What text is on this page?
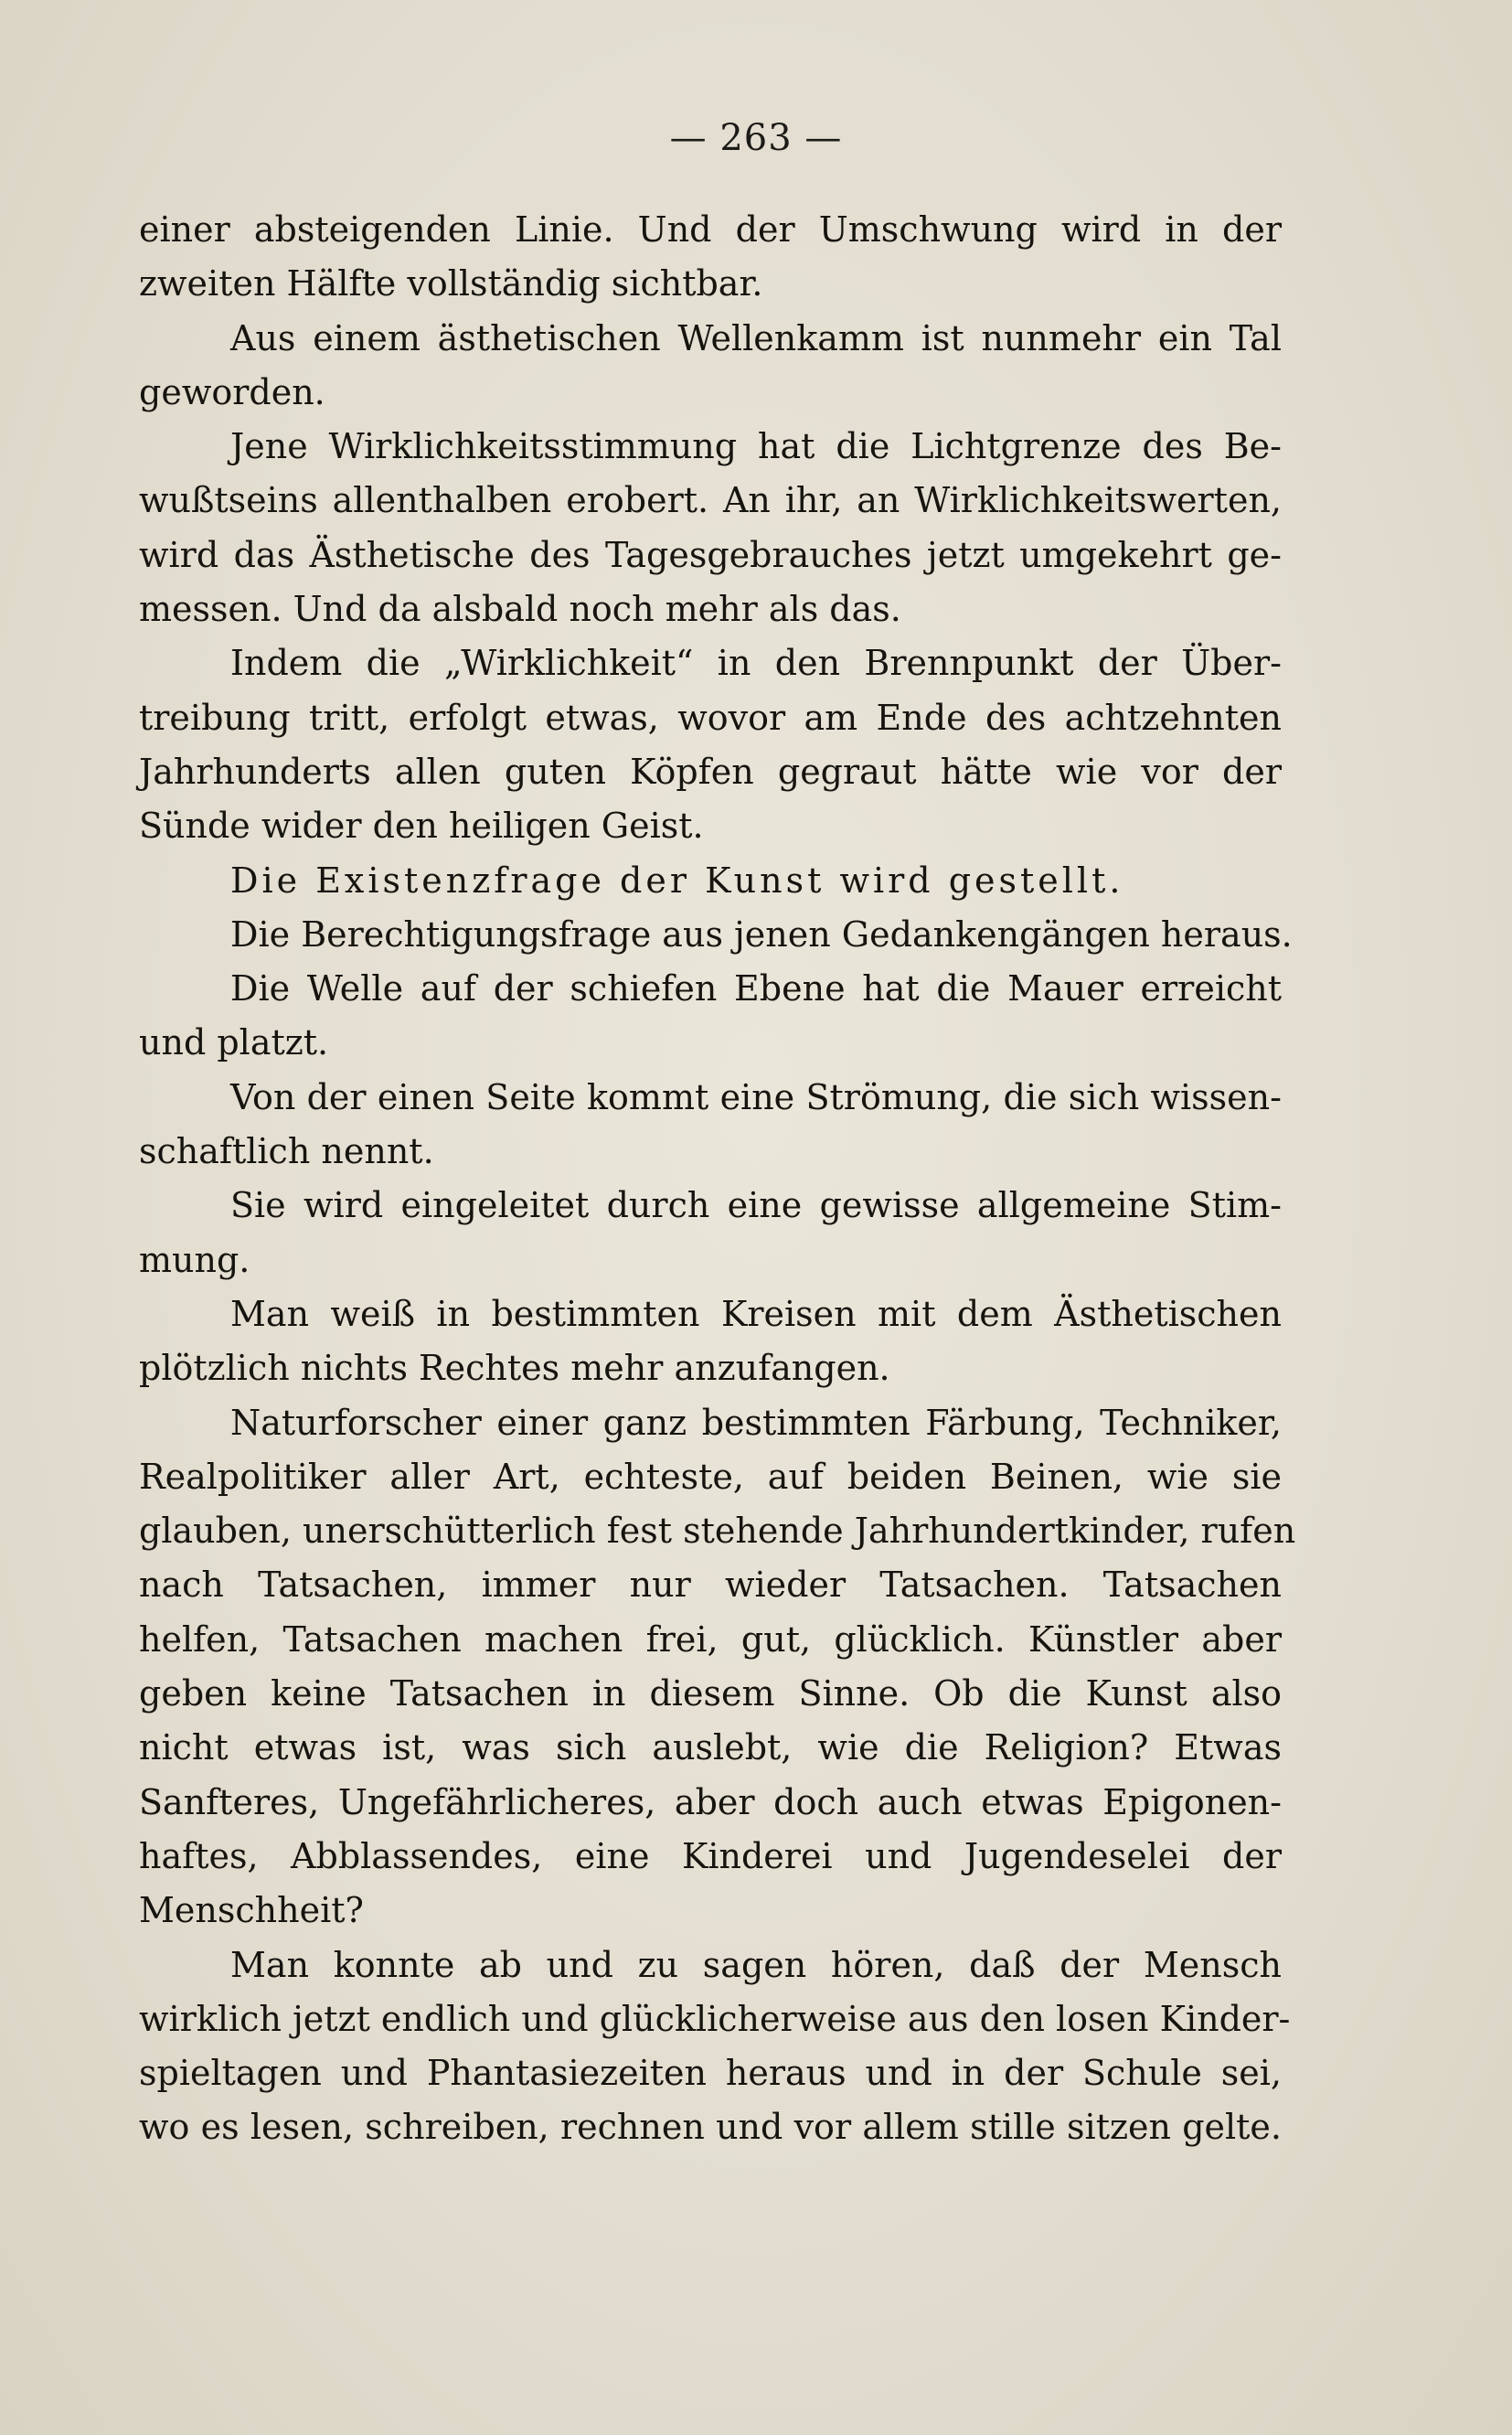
— 263 —
einer absteigenden Linie. Und der Umschwung wird in der
zweiten Hälfte vollständig sichtbar.
Aus einem ästhetischen Wellenkamm ist nunmehr ein Tal
geworden.
Jene Wirklichkeitsstimmung hat die Lichtgrenze des Be-
wußtseins allenthalben erobert. An ihr, an Wirklichkeitswerten,
wird das Ästhetische des Tagesgebrauches jetzt umgekehrt ge-
messen. Und da alsbald noch mehr als das.
Indem die „Wirklichkeit“ in den Brennpunkt der Über-
treibung tritt, erfolgt etwas, wovor am Ende des achtzehnten
Jahrhunderts allen guten Köpfen gegraut hätte wie vor der
Sünde wider den heiligen Geist.
Die Existenzfrage der Kunst wird gestellt.
Die Berechtigungsfrage aus jenen Gedankengängen heraus.
Die Welle auf der schiefen Ebene hat die Mauer erreicht
und platzt.
Von der einen Seite kommt eine Strömung, die sich wissen-
schaftlich nennt.
Sie wird eingeleitet durch eine gewisse allgemeine Stim-
mung.
Man weiß in bestimmten Kreisen mit dem Ästhetischen
plötzlich nichts Rechtes mehr anzufangen.
Naturforscher einer ganz bestimmten Färbung, Techniker,
Realpolitiker aller Art, echteste, auf beiden Beinen, wie sie
glauben, unerschütterlich fest stehende Jahrhundertkinder, rufen
nach Tatsachen, immer nur wieder Tatsachen. Tatsachen
helfen, Tatsachen machen frei, gut, glücklich. Künstler aber
geben keine Tatsachen in diesem Sinne. Ob die Kunst also
nicht etwas ist, was sich auslebt, wie die Religion? Etwas
Sanfteres, Ungefährlicheres, aber doch auch etwas Epigonen-
haftes, Abblassendes, eine Kinderei und Jugendeselei der
Menschheit?
Man konnte ab und zu sagen hören, daß der Mensch
wirklich jetzt endlich und glücklicherweise aus den losen Kinder-
spieltagen und Phantasiezeiten heraus und in der Schule sei,
wo es lesen, schreiben, rechnen und vor allem stille sitzen gelte.
